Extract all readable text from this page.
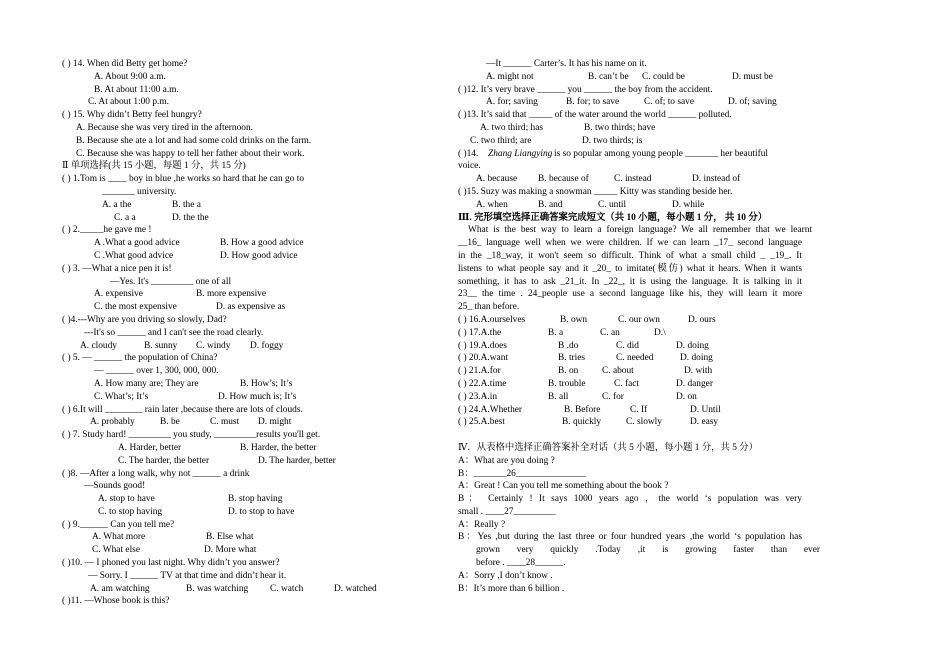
( ) 14. When did Betty get home?
A. About 9:00 a.m.
B. At about 11:00 a.m.
C. At about 1:00 p.m.
( ) 15. Why didn’t Betty feel hungry?
A. Because she was very tired in the afternoon.
B. Because she ate a lot and had some cold drinks on the farm.
C. Because she was happy to tell her father about their work.
Ⅱ 单项选择(共 15 小题，每题 1 分，共 15 分)
( ) 1.Tom is ____ boy in blue ,he works so hard that he can go to
_______ university.
A. a the	B. the a
C. a a	D. the the
( ) 2._____he gave me !
A .What a good advice	B. How a good advice
C .What good advice	D. How good advice
( ) 3. —What a nice pen it is!
—Yes. It's _________ one of all
A. expensive	B. more expensive
C. the most expensive	D. as expensive as
( )4.---Why are you driving so slowly, Dad?
---It's so ______ and I can't see the road clearly.
A. cloudy	B. sunny C. windy D. foggy
( ) 5. — ______ the population of China?
— ______ over 1, 300, 000, 000.
A. How many are; They are	B. How’s; It’s
C. What’s; It’s	D. How much is; It’s
( ) 6.It will ________ rain later ,because there are lots of clouds.
A. probably	B. be	C. must D. might
( ) 7. Study hard! _________ you study, _________results you'll get.
A. Harder, better	B. Harder, the better
C. The harder, the better	D. The harder, better
( )8. —After a long walk, why not ______ a drink
—Sounds good!
A. stop to have	B. stop having
C. to stop having	D. to stop to have
( ) 9.______ Can you tell me?
A. What more	B. Else what
C. What else	D. More what
( )10. — I phoned you last night. Why didn’t you answer?
— Sorry. I ______ TV at that time and didn’t hear it.
A. am watching	B. was watching C. watch	D. watched
( )11. —Whose book is this?
—It ______ Carter’s. It has his name on it.
A. might not	B. can’t be C. could be	D. must be
( )12. It’s very brave ______ you ______ the boy from the accident.
A. for; saving	B. for; to save	C. of; to save	D. of; saving
( )13. It’s said that _____ of the water around the world ______ polluted.
A. two third; has	B. two thirds; have
C. two third; are	D. two thirds; is
( )14. Zhang Liangying is so popular among young people _______ her beautiful
voice.
A. because B. because of	C. instead	D. instead of
( )15. Suzy was making a snowman _____ Kitty was standing beside her.
A. when	B. and	C. until	D. while
Ⅲ. 完形填空选择正确答案完成短文（共 10 小题，每小题 1 分， 共 10 分）
What is the best way to learn a foreign language? We all remember that we learnt
__16_ language well when we were children. If we can learn _17_ second language
in the _18_way, it won't seem so difficult. Think of what a small child _ _19_. It
listens to what people say and it _20_ to imitate(模仿) what it hears. When it wants
something, it has to ask _21_it. In _22_, it is using the language. It is talking in it
23__ the time . 24_people use a second language like his, they will learn it more
25_ than before.
( ) 16.A.ourselves	B. own	C. our own	D. ours
( ) 17.A.the	B. a	C. an	D.\
( ) 19.A.does	B .do	C. did	D. doing
( ) 20.A.want	B. tries	C. needed	D. doing
( ) 21.A.for	B. on	C. about	D. with
( ) 22.A.time	B. trouble	C. fact	D. danger
( ) 23.A.in	B. all	C. for	D. on
( ) 24.A.Whether	B. Before	C. If	D. Until
( ) 25.A.best	B. quickly	C. slowly	D. easy
Ⅳ．从表格中选择正确答案补全对话（共 5 小题，每小题 1 分，共 5 分）
A：What are you doing ?
B：_______26_______________
A：Great ! Can you tell me something about the book ?
B： Certainly ! It says 1000 years ago ，the world ‘s population was very
small . ____27_________
A：Really ?
B：Yes ,but during the last three or four hundred years ,the world ‘s population has
grown very quickly .Today ,it is growing faster than ever
before . ____28______.
A：Sorry ,I don’t know .
B：It’s more than 6 billion .
